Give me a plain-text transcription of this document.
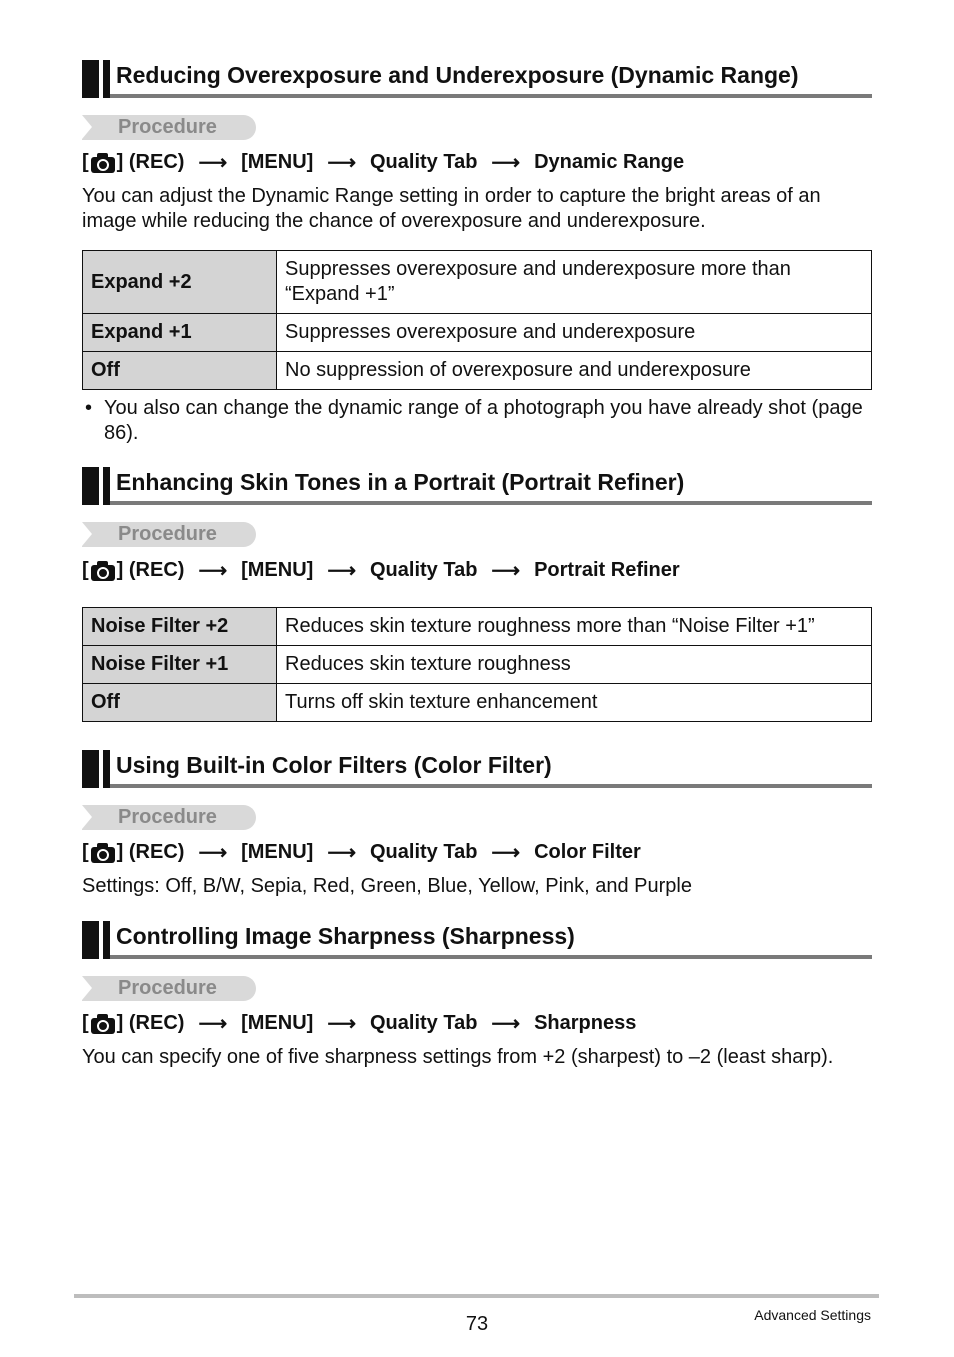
Reducing Overexposure and Underexposure (Dynamic Range)
Procedure
[ ] (REC) ⟶ [MENU] ⟶ Quality Tab ⟶ Dynamic Range
You can adjust the Dynamic Range setting in order to capture the bright areas of an image while reducing the chance of overexposure and underexposure.
Expand +2	Suppresses overexposure and underexposure more than “Expand +1”
Expand +1	Suppresses overexposure and underexposure
Off	No suppression of overexposure and underexposure
• You also can change the dynamic range of a photograph you have already shot (page 86).
Enhancing Skin Tones in a Portrait (Portrait Refiner)
Procedure
[ ] (REC) ⟶ [MENU] ⟶ Quality Tab ⟶ Portrait Refiner
Noise Filter +2	Reduces skin texture roughness more than “Noise Filter +1”
Noise Filter +1	Reduces skin texture roughness
Off	Turns off skin texture enhancement
Using Built-in Color Filters (Color Filter)
Procedure
[ ] (REC) ⟶ [MENU] ⟶ Quality Tab ⟶ Color Filter
Settings: Off, B/W, Sepia, Red, Green, Blue, Yellow, Pink, and Purple
Controlling Image Sharpness (Sharpness)
Procedure
[ ] (REC) ⟶ [MENU] ⟶ Quality Tab ⟶ Sharpness
You can specify one of five sharpness settings from +2 (sharpest) to –2 (least sharp).
73	Advanced Settings
